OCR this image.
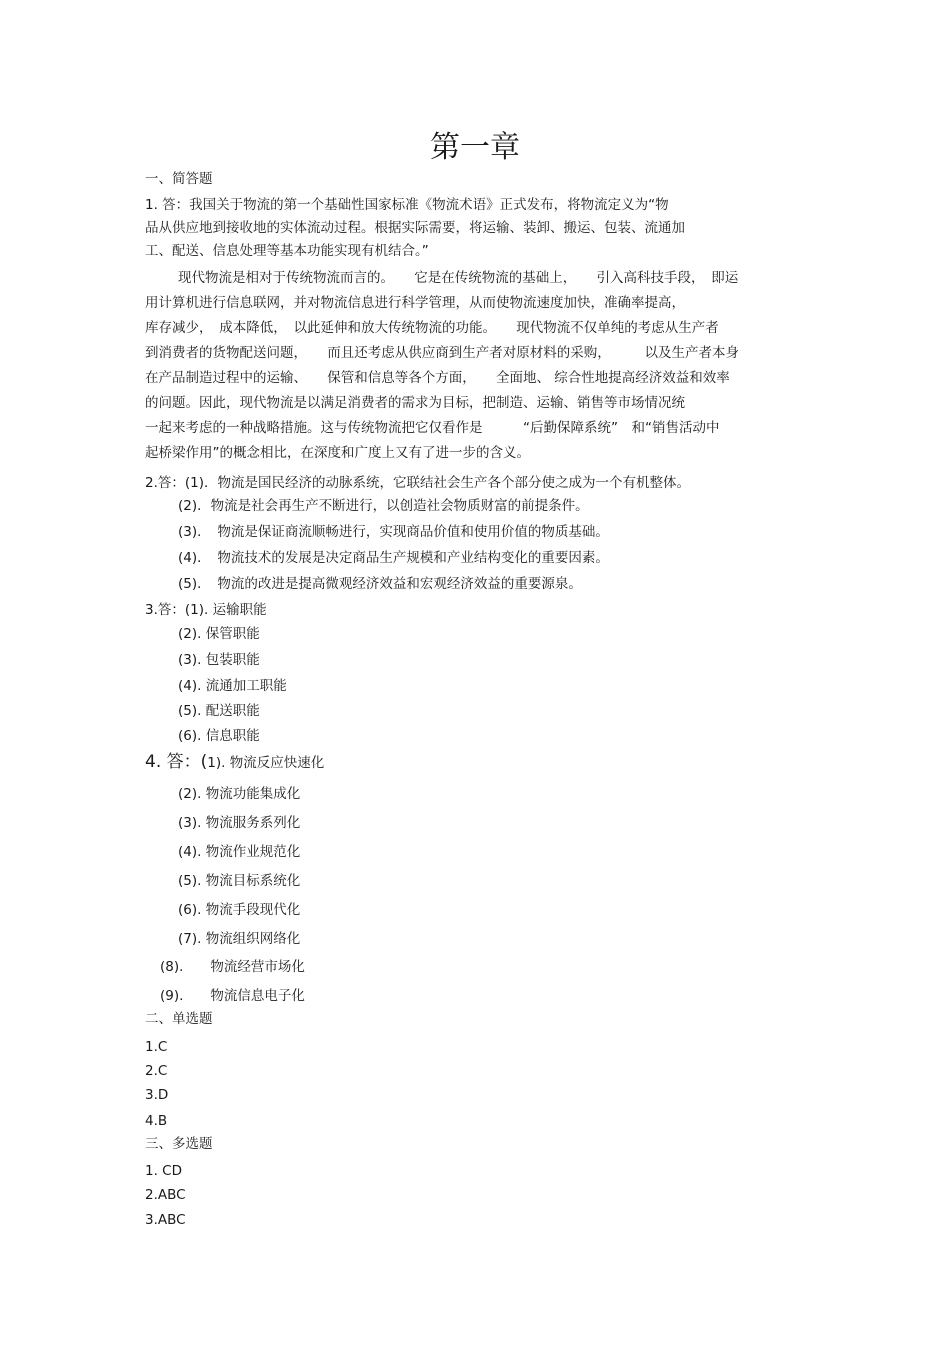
第一章
一、简答题
1. 答：我国关于物流的第一个基础性国家标准《物流术语》正式发布，将物流定义为“物
品从供应地到接收地的实体流动过程。根据实际需要，将运输、装卸、搬运、包装、流通加
工、配送、信息处理等基本功能实现有机结合。”
现代物流是相对于传统物流而言的。　　它是在传统物流的基础上，　　引入高科技手段，　即运
用计算机进行信息联网，并对物流信息进行科学管理，从而使物流速度加快，准确率提高，
库存减少，　成本降低，　以此延伸和放大传统物流的功能。　　现代物流不仅单纯的考虑从生产者
到消费者的货物配送问题，　　而且还考虑从供应商到生产者对原材料的采购，　　　以及生产者本身
在产品制造过程中的运输、　　保管和信息等各个方面，　　全面地、 综合性地提高经济效益和效率
的问题。因此，现代物流是以满足消费者的需求为目标，把制造、运输、销售等市场情况统
一起来考虑的一种战略措施。这与传统物流把它仅看作是　　　“后勤保障系统”　和“销售活动中
起桥梁作用”的概念相比，在深度和广度上又有了进一步的含义。
2.答：(1)．物流是国民经济的动脉系统，它联结社会生产各个部分使之成为一个有机整体。
(2)．物流是社会再生产不断进行，以创造社会物质财富的前提条件。
(3)．　物流是保证商流顺畅进行，实现商品价值和使用价值的物质基础。
(4)．　物流技术的发展是决定商品生产规模和产业结构变化的重要因素。
(5)．　物流的改进是提高微观经济效益和宏观经济效益的重要源泉。
3.答：(1). 运输职能
(2). 保管职能
(3). 包装职能
(4). 流通加工职能
(5). 配送职能
(6). 信息职能
4. 答：(1). 物流反应快速化
(2). 物流功能集成化
(3). 物流服务系列化
(4). 物流作业规范化
(5). 物流目标系统化
(6). 物流手段现代化
(7). 物流组织网络化
(8).　　物流经营市场化
(9).　　物流信息电子化
二、单选题
1.C
2.C
3.D
4.B
三、多选题
1. CD
2.ABC
3.ABC
